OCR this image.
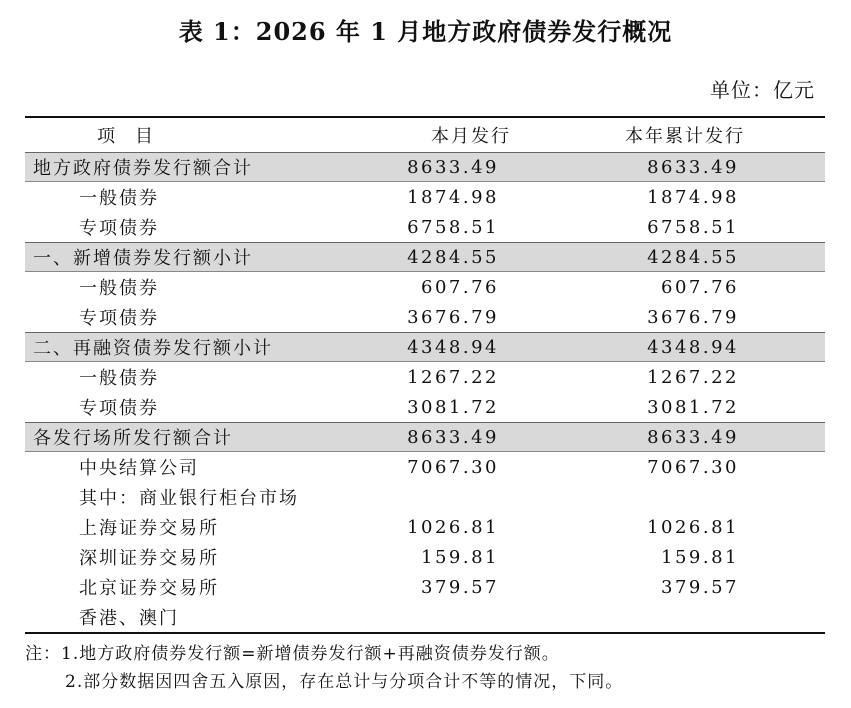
表 1：2026 年 1 月地方政府债券发行概况
单位：亿元
项目	本月发行	本年累计发行
地方政府债券发行额合计	8633.49	8633.49
一般债券	1874.98	1874.98
专项债券	6758.51	6758.51
一、新增债券发行额小计	4284.55	4284.55
一般债券	607.76	607.76
专项债券	3676.79	3676.79
二、再融资债券发行额小计	4348.94	4348.94
一般债券	1267.22	1267.22
专项债券	3081.72	3081.72
各发行场所发行额合计	8633.49	8633.49
中央结算公司	7067.30	7067.30
其中：商业银行柜台市场
上海证券交易所	1026.81	1026.81
深圳证券交易所	159.81	159.81
北京证券交易所	379.57	379.57
香港、澳门
注：1.地方政府债券发行额=新增债券发行额+再融资债券发行额。
2.部分数据因四舍五入原因，存在总计与分项合计不等的情况，下同。
